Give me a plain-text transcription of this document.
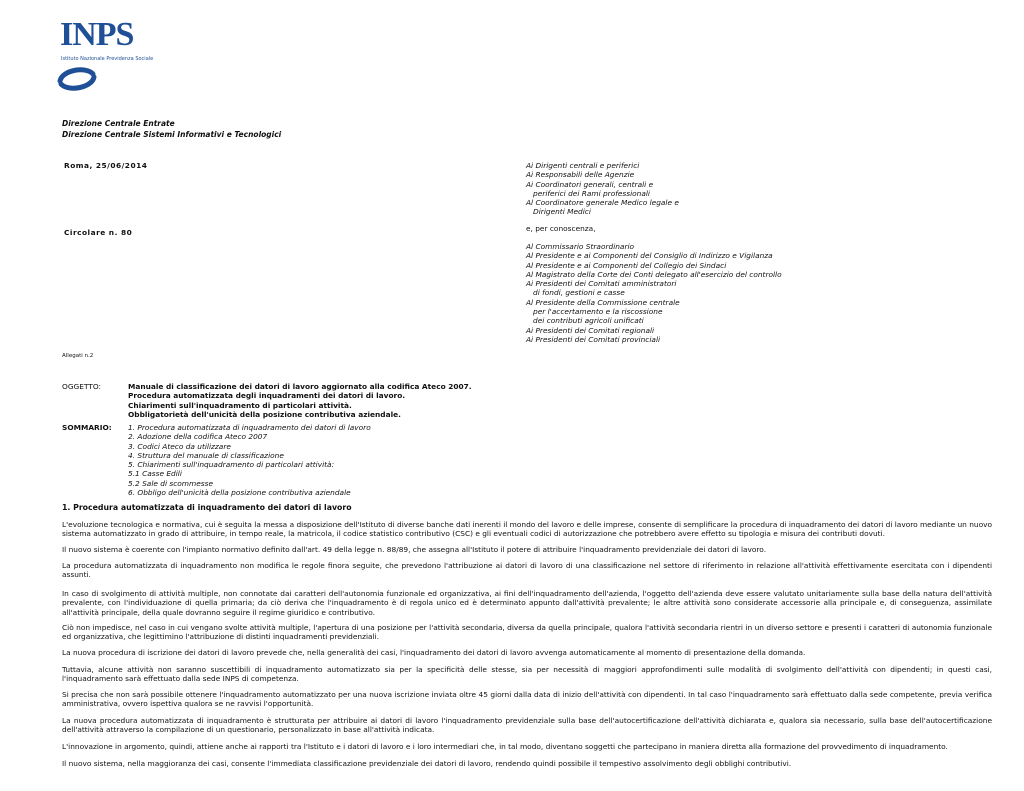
INPS
Istituto Nazionale Previdenza Sociale
Direzione Centrale Entrate
Direzione Centrale Sistemi Informativi e Tecnologici
Roma, 25/06/2014
Circolare n. 80
Ai Dirigenti centrali e periferici
Ai Responsabili delle Agenzie
Ai Coordinatori generali, centrali e
periferici dei Rami professionali
Al Coordinatore generale Medico legale e
Dirigenti Medici
e, per conoscenza,
Al Commissario Straordinario
Al Presidente e ai Componenti del Consiglio di Indirizzo e Vigilanza
Al Presidente e ai Componenti del Collegio dei Sindaci
Al Magistrato della Corte dei Conti delegato all'esercizio del controllo
Ai Presidenti dei Comitati amministratori
di fondi, gestioni e casse
Al Presidente della Commissione centrale
per l'accertamento e la riscossione
dei contributi agricoli unificati
Ai Presidenti dei Comitati regionali
Ai Presidenti dei Comitati provinciali
Allegati n.2
OGGETTO:	Manuale di classificazione dei datori di lavoro aggiornato alla codifica Ateco 2007.
Procedura automatizzata degli inquadramenti dei datori di lavoro.
Chiarimenti sull'inquadramento di particolari attività.
Obbligatorietà dell'unicità della posizione contributiva aziendale.
SOMMARIO: 1. Procedura automatizzata di inquadramento dei datori di lavoro
2. Adozione della codifica Ateco 2007
3. Codici Ateco da utilizzare
4. Struttura del manuale di classificazione
5. Chiarimenti sull'inquadramento di particolari attività:
5.1 Casse Edili
5.2 Sale di scommesse
6. Obbligo dell'unicità della posizione contributiva aziendale
1. Procedura automatizzata di inquadramento dei datori di lavoro
L'evoluzione tecnologica e normativa, cui è seguita la messa a disposizione dell'Istituto di diverse banche dati inerenti il mondo del lavoro e delle imprese, consente di semplificare la procedura di inquadramento dei datori di lavoro mediante un nuovo sistema automatizzato in grado di attribuire, in tempo reale, la matricola, il codice statistico contributivo (CSC) e gli eventuali codici di autorizzazione che potrebbero avere effetto su tipologia e misura dei contributi dovuti.
Il nuovo sistema è coerente con l'impianto normativo definito dall'art. 49 della legge n. 88/89, che assegna all'Istituto il potere di attribuire l'inquadramento previdenziale dei datori di lavoro.
La procedura automatizzata di inquadramento non modifica le regole finora seguite, che prevedono l'attribuzione ai datori di lavoro di una classificazione nel settore di riferimento in relazione all'attività effettivamente esercitata con i dipendenti assunti.
In caso di svolgimento di attività multiple, non connotate dai caratteri dell'autonomia funzionale ed organizzativa, ai fini dell'inquadramento dell'azienda, l'oggetto dell'azienda deve essere valutato unitariamente sulla base della natura dell'attività prevalente, con l'individuazione di quella primaria; da ciò deriva che l'inquadramento è di regola unico ed è determinato appunto dall'attività prevalente; le altre attività sono considerate accessorie alla principale e, di conseguenza, assimilate all'attività principale, della quale dovranno seguire il regime giuridico e contributivo.
Ciò non impedisce, nel caso in cui vengano svolte attività multiple, l'apertura di una posizione per l'attività secondaria, diversa da quella principale, qualora l'attività secondaria rientri in un diverso settore e presenti i caratteri di autonomia funzionale ed organizzativa, che legittimino l'attribuzione di distinti inquadramenti previdenziali.
La nuova procedura di iscrizione dei datori di lavoro prevede che, nella generalità dei casi, l'inquadramento dei datori di lavoro avvenga automaticamente al momento di presentazione della domanda.
Tuttavia, alcune attività non saranno suscettibili di inquadramento automatizzato sia per la specificità delle stesse, sia per necessità di maggiori approfondimenti sulle modalità di svolgimento dell'attività con dipendenti; in questi casi, l'inquadramento sarà effettuato dalla sede INPS di competenza.
Si precisa che non sarà possibile ottenere l'inquadramento automatizzato per una nuova iscrizione inviata oltre 45 giorni dalla data di inizio dell'attività con dipendenti. In tal caso l'inquadramento sarà effettuato dalla sede competente, previa verifica amministrativa, ovvero ispettiva qualora se ne ravvisi l'opportunità.
La nuova procedura automatizzata di inquadramento è strutturata per attribuire ai datori di lavoro l'inquadramento previdenziale sulla base dell'autocertificazione dell'attività dichiarata e, qualora sia necessario, sulla base dell'autocertificazione dell'attività attraverso la compilazione di un questionario, personalizzato in base all'attività indicata.
L'innovazione in argomento, quindi, attiene anche ai rapporti tra l'Istituto e i datori di lavoro e i loro intermediari che, in tal modo, diventano soggetti che partecipano in maniera diretta alla formazione del provvedimento di inquadramento.
Il nuovo sistema, nella maggioranza dei casi, consente l'immediata classificazione previdenziale dei datori di lavoro, rendendo quindi possibile il tempestivo assolvimento degli obblighi contributivi.
